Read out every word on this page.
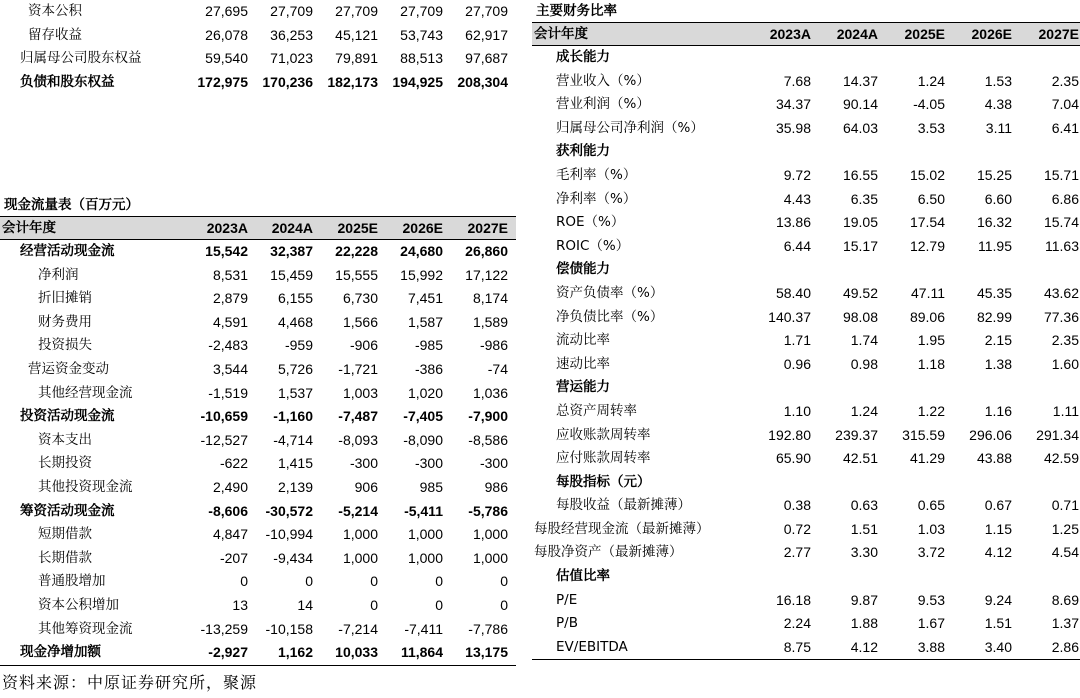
资本公积	27,695	27,709	27,709	27,709	27,709
留存收益	26,078	36,253	45,121	53,743	62,917
归属母公司股东权益	59,540	71,023	79,891	88,513	97,687
负债和股东权益	172,975	170,236	182,173	194,925	208,304
现金流量表（百万元）
会计年度	2023A	2024A	2025E	2026E	2027E
经营活动现金流	15,542	32,387	22,228	24,680	26,860
净利润	8,531	15,459	15,555	15,992	17,122
折旧摊销	2,879	6,155	6,730	7,451	8,174
财务费用	4,591	4,468	1,566	1,587	1,589
投资损失	-2,483	-959	-906	-985	-986
营运资金变动	3,544	5,726	-1,721	-386	-74
其他经营现金流	-1,519	1,537	1,003	1,020	1,036
投资活动现金流	-10,659	-1,160	-7,487	-7,405	-7,900
资本支出	-12,527	-4,714	-8,093	-8,090	-8,586
长期投资	-622	1,415	-300	-300	-300
其他投资现金流	2,490	2,139	906	985	986
筹资活动现金流	-8,606	-30,572	-5,214	-5,411	-5,786
短期借款	4,847	-10,994	1,000	1,000	1,000
长期借款	-207	-9,434	1,000	1,000	1,000
普通股增加	0	0	0	0	0
资本公积增加	13	14	0	0	0
其他筹资现金流	-13,259	-10,158	-7,214	-7,411	-7,786
现金净增加额	-2,927	1,162	10,033	11,864	13,175
主要财务比率
会计年度	2023A	2024A	2025E	2026E	2027E
成长能力
营业收入（%）	7.68	14.37	1.24	1.53	2.35
营业利润（%）	34.37	90.14	-4.05	4.38	7.04
归属母公司净利润（%）	35.98	64.03	3.53	3.11	6.41
获利能力
毛利率（%）	9.72	16.55	15.02	15.25	15.71
净利率（%）	4.43	6.35	6.50	6.60	6.86
ROE（%）	13.86	19.05	17.54	16.32	15.74
ROIC（%）	6.44	15.17	12.79	11.95	11.63
偿债能力
资产负债率（%）	58.40	49.52	47.11	45.35	43.62
净负债比率（%）	140.37	98.08	89.06	82.99	77.36
流动比率	1.71	1.74	1.95	2.15	2.35
速动比率	0.96	0.98	1.18	1.38	1.60
营运能力
总资产周转率	1.10	1.24	1.22	1.16	1.11
应收账款周转率	192.80	239.37	315.59	296.06	291.34
应付账款周转率	65.90	42.51	41.29	43.88	42.59
每股指标（元）
每股收益（最新摊薄）	0.38	0.63	0.65	0.67	0.71
每股经营现金流（最新摊薄）	0.72	1.51	1.03	1.15	1.25
每股净资产（最新摊薄）	2.77	3.30	3.72	4.12	4.54
估值比率
P/E	16.18	9.87	9.53	9.24	8.69
P/B	2.24	1.88	1.67	1.51	1.37
EV/EBITDA	8.75	4.12	3.88	3.40	2.86
资料来源：中原证券研究所，聚源
